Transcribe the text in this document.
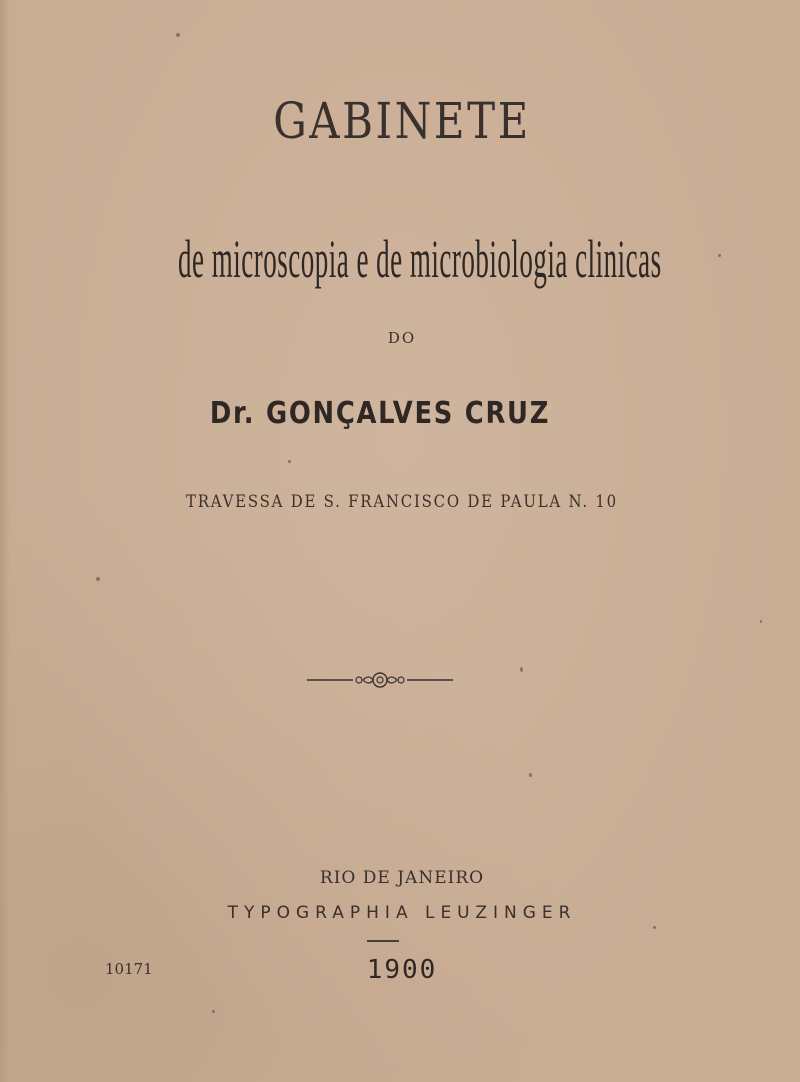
GABINETE
de microscopia e de microbiologia clinicas
DO
Dr. GONÇALVES CRUZ
TRAVESSA DE S. FRANCISCO DE PAULA N. 10
RIO DE JANEIRO
TYPOGRAPHIA LEUZINGER
10171	1900
